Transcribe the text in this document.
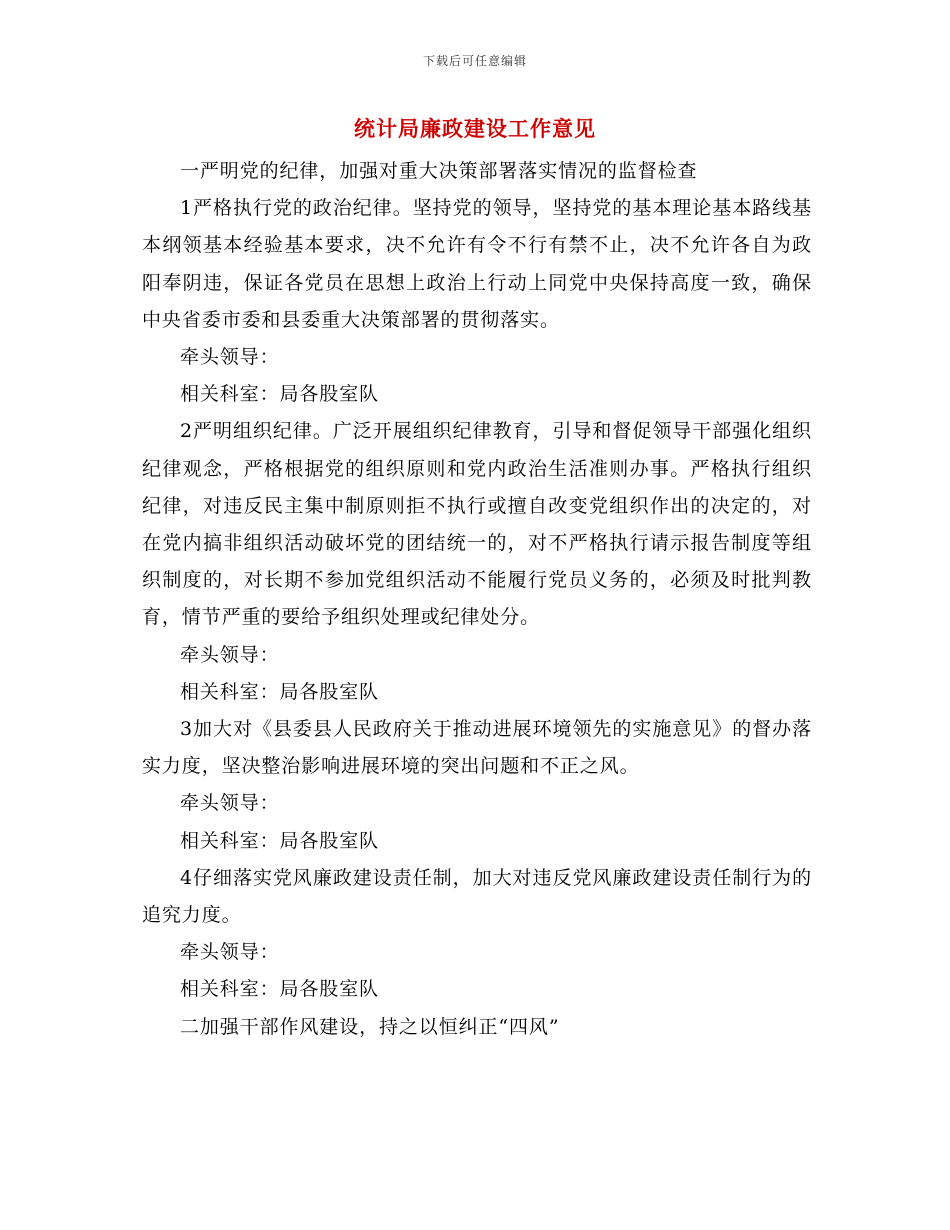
下载后可任意编辑
统计局廉政建设工作意见

一严明党的纪律，加强对重大决策部署落实情况的监督检查

1严格执行党的政治纪律。坚持党的领导，坚持党的基本理论基本路线基本纲领基本经验基本要求，决不允许有令不行有禁不止，决不允许各自为政阳奉阴违，保证各党员在思想上政治上行动上同党中央保持高度一致，确保中央省委市委和县委重大决策部署的贯彻落实。

牵头领导：

相关科室：局各股室队

2严明组织纪律。广泛开展组织纪律教育，引导和督促领导干部强化组织纪律观念，严格根据党的组织原则和党内政治生活准则办事。严格执行组织纪律，对违反民主集中制原则拒不执行或擅自改变党组织作出的决定的，对在党内搞非组织活动破坏党的团结统一的，对不严格执行请示报告制度等组织制度的，对长期不参加党组织活动不能履行党员义务的，必须及时批判教育，情节严重的要给予组织处理或纪律处分。

牵头领导：

相关科室：局各股室队

3加大对《县委县人民政府关于推动进展环境领先的实施意见》的督办落实力度，坚决整治影响进展环境的突出问题和不正之风。

牵头领导：

相关科室：局各股室队

4仔细落实党风廉政建设责任制，加大对违反党风廉政建设责任制行为的追究力度。

牵头领导：

相关科室：局各股室队

二加强干部作风建设，持之以恒纠正“四风”
